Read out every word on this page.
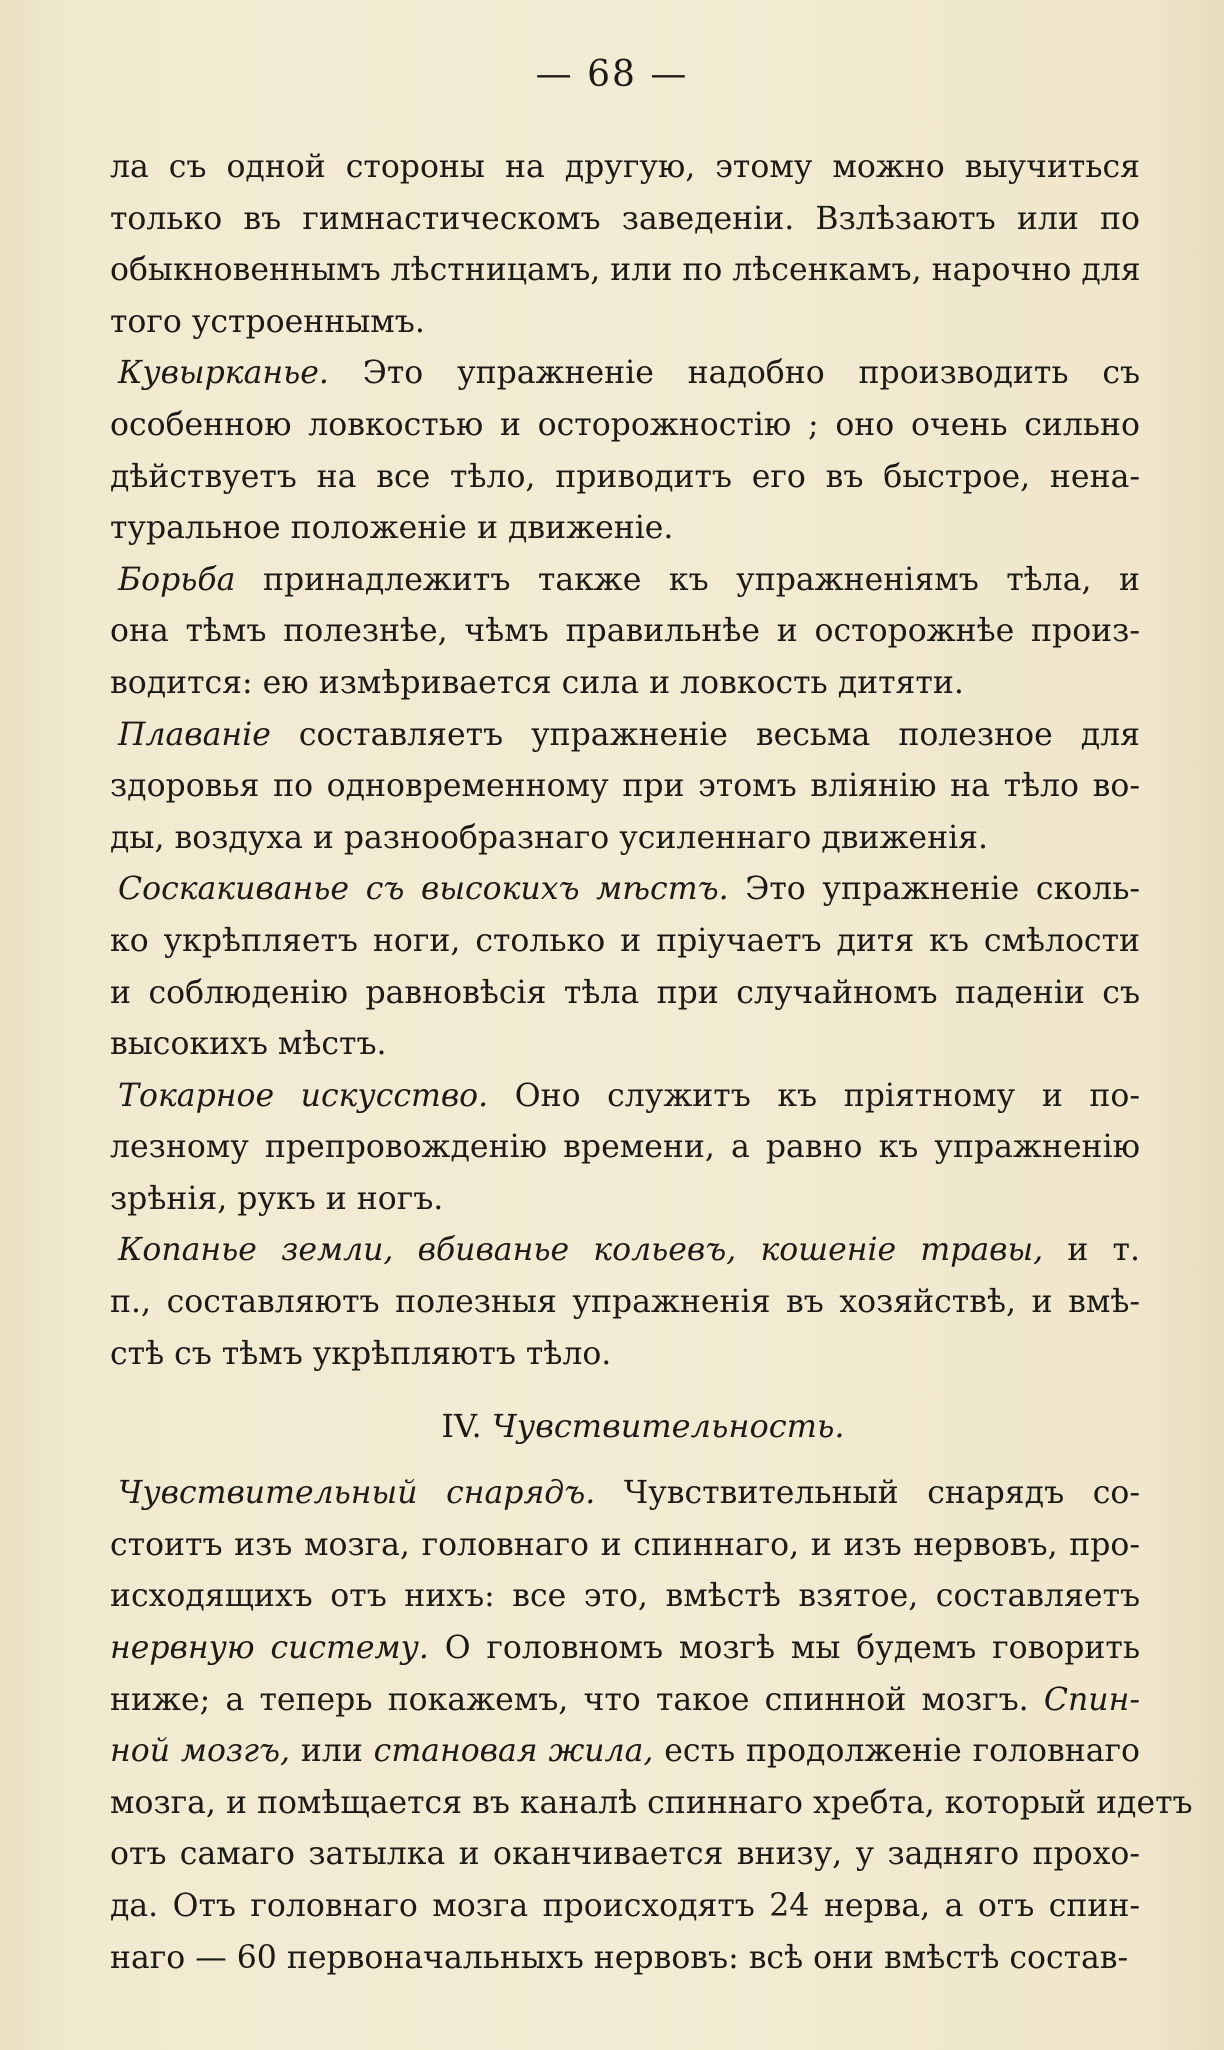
— 68 —
ла съ одной стороны на другую, этому можно выучиться
только въ гимнастическомъ заведеніи. Взлѣзаютъ или по
обыкновеннымъ лѣстницамъ, или по лѣсенкамъ, нарочно для
того устроеннымъ.
Кувырканье. Это упражненіе надобно производить съ
особенною ловкостью и осторожностію ; оно очень сильно
дѣйствуетъ на все тѣло, приводитъ его въ быстрое, нена-
туральное положеніе и движеніе.
Борьба принадлежитъ также къ упражненіямъ тѣла, и
она тѣмъ полезнѣе, чѣмъ правильнѣе и осторожнѣе произ-
водится: ею измѣривается сила и ловкость дитяти.
Плаваніе составляетъ упражненіе весьма полезное для
здоровья по одновременному при этомъ вліянію на тѣло во-
ды, воздуха и разнообразнаго усиленнаго движенія.
Соскакиванье съ высокихъ мѣстъ. Это упражненіе сколь-
ко укрѣпляетъ ноги, столько и пріучаетъ дитя къ смѣлости
и соблюденію равновѣсія тѣла при случайномъ паденіи съ
высокихъ мѣстъ.
Токарное искусство. Оно служитъ къ пріятному и по-
лезному препровожденію времени, а равно къ упражненію
зрѣнія, рукъ и ногъ.
Копанье земли, вбиванье кольевъ, кошеніе травы, и т.
п., составляютъ полезныя упражненія въ хозяйствѣ, и вмѣ-
стѣ съ тѣмъ укрѣпляютъ тѣло.
IV. Чувствительность.
Чувствительный снарядъ. Чувствительный снарядъ со-
стоитъ изъ мозга, головнаго и спиннаго, и изъ нервовъ, про-
исходящихъ отъ нихъ: все это, вмѣстѣ взятое, составляетъ
нервную систему. О головномъ мозгѣ мы будемъ говорить
ниже; а теперь покажемъ, что такое спинной мозгъ. Спин-
ной мозгъ, или становая жила, есть продолженіе головнаго
мозга, и помѣщается въ каналѣ спиннаго хребта, который идетъ
отъ самаго затылка и оканчивается внизу, у задняго прохо-
да. Отъ головнаго мозга происходятъ 24 нерва, а отъ спин-
наго — 60 первоначальныхъ нервовъ: всѣ они вмѣстѣ состав-
